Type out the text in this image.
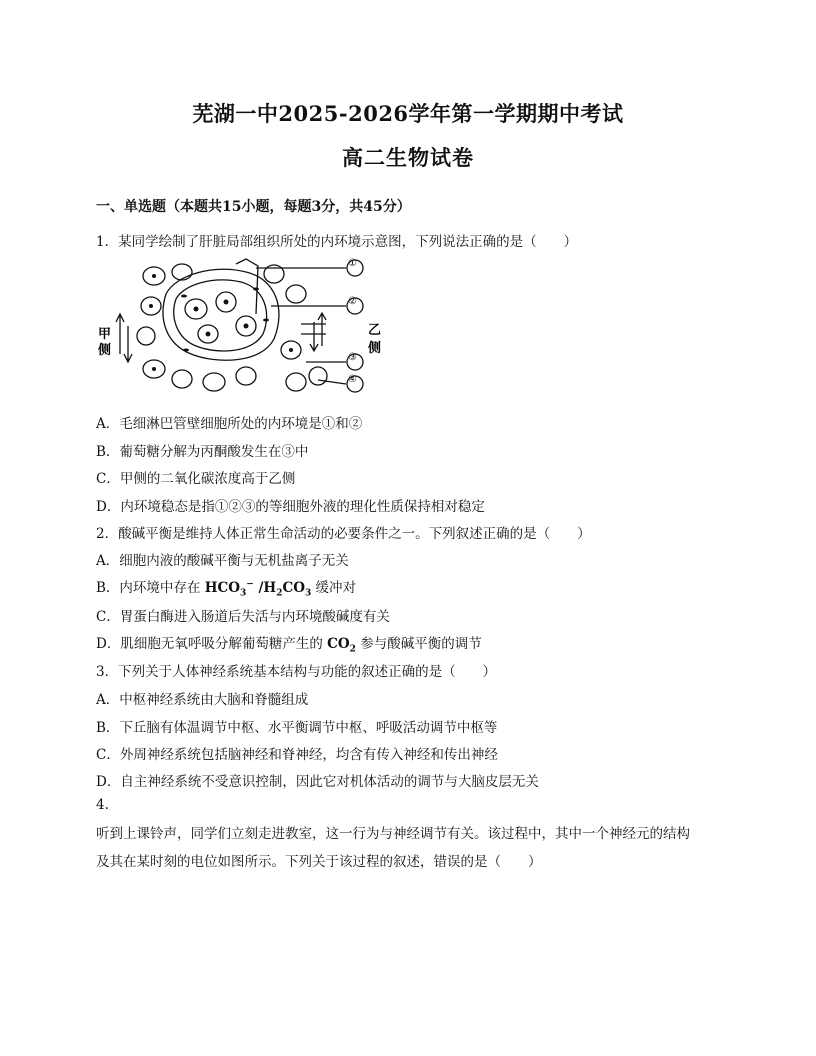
芜湖一中2025-2026学年第一学期期中考试
高二生物试卷
一、单选题（本题共15小题，每题3分，共45分）
1．某同学绘制了肝脏局部组织所处的内环境示意图，下列说法正确的是（　　）
甲
侧
乙
侧
①
②
③
④
甲 乙
A．毛细淋巴管壁细胞所处的内环境是①和②
B．葡萄糖分解为丙酮酸发生在③中
C．甲侧的二氧化碳浓度高于乙侧
D．内环境稳态是指①②③的等细胞外液的理化性质保持相对稳定
2．酸碱平衡是维持人体正常生命活动的必要条件之一。下列叙述正确的是（　　）
A．细胞内液的酸碱平衡与无机盐离子无关
B．内环境中存在 $HCO_3^-$ $/H_2CO_3$ 缓冲对
C．胃蛋白酶进入肠道后失活与内环境酸碱度有关
D．肌细胞无氧呼吸分解葡萄糖产生的 $CO_2$ 参与酸碱平衡的调节
3．下列关于人体神经系统基本结构与功能的叙述正确的是（　　）
A．中枢神经系统由大脑和脊髓组成
B．下丘脑有体温调节中枢、水平衡调节中枢、呼吸活动调节中枢等
C．外周神经系统包括脑神经和脊神经，均含有传入神经和传出神经
D．自主神经系统不受意识控制，因此它对机体活动的调节与大脑皮层无关
4.
听到上课铃声，同学们立刻走进教室，这一行为与神经调节有关。该过程中，其中一个神经元的结构
及其在某时刻的电位如图所示。下列关于该过程的叙述，错误的是（　　）
